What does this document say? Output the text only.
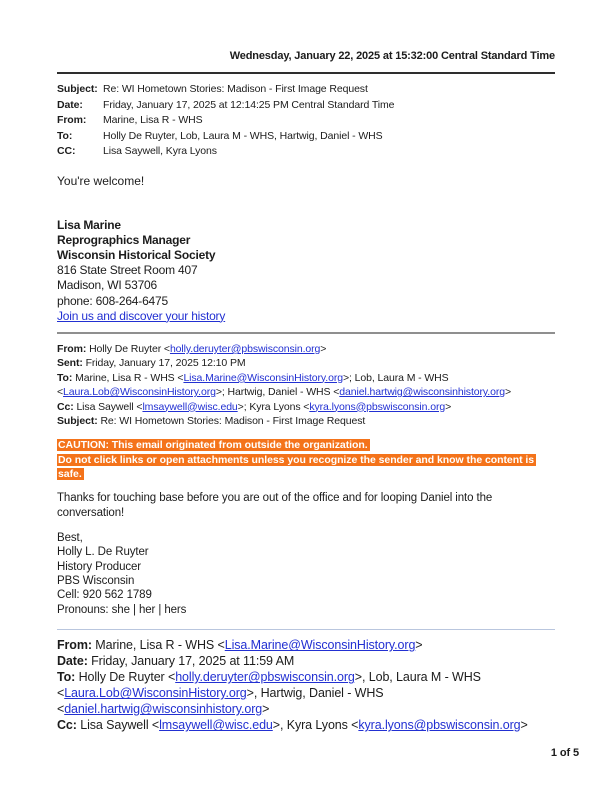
Wednesday, January 22, 2025 at 15:32:00 Central Standard Time
Subject:	Re: WI Hometown Stories: Madison - First Image Request
Date:	Friday, January 17, 2025 at 12:14:25 PM Central Standard Time
From:	Marine, Lisa R - WHS
To:	Holly De Ruyter, Lob, Laura M - WHS, Hartwig, Daniel - WHS
CC:	Lisa Saywell, Kyra Lyons

You're welcome!

Lisa Marine
Reprographics Manager
Wisconsin Historical Society
816 State Street Room 407
Madison, WI 53706
phone: 608-264-6475
Join us and discover your history

From: Holly De Ruyter <holly.deruyter@pbswisconsin.org>

Sent: Friday, January 17, 2025 12:10 PM

To: Marine, Lisa R - WHS <Lisa.Marine@WisconsinHistory.org>; Lob, Laura M - WHS <Laura.Lob@WisconsinHistory.org>; Hartwig, Daniel - WHS <daniel.hartwig@wisconsinhistory.org>

Cc: Lisa Saywell <lmsaywell@wisc.edu>; Kyra Lyons <kyra.lyons@pbswisconsin.org>

Subject: Re: WI Hometown Stories: Madison - First Image Request

CAUTION: This email originated from outside the organization.
Do not click links or open attachments unless you recognize the sender and know the content is safe.

Thanks for touching base before you are out of the office and for looping Daniel into the conversation!

Best,
Holly L. De Ruyter
History Producer
PBS Wisconsin
Cell: 920 562 1789
Pronouns: she | her | hers

From: Marine, Lisa R - WHS <Lisa.Marine@WisconsinHistory.org>

Date: Friday, January 17, 2025 at 11:59 AM

To: Holly De Ruyter <holly.deruyter@pbswisconsin.org>, Lob, Laura M - WHS <Laura.Lob@WisconsinHistory.org>, Hartwig, Daniel - WHS <daniel.hartwig@wisconsinhistory.org>

Cc: Lisa Saywell <lmsaywell@wisc.edu>, Kyra Lyons <kyra.lyons@pbswisconsin.org>

1 of 5
